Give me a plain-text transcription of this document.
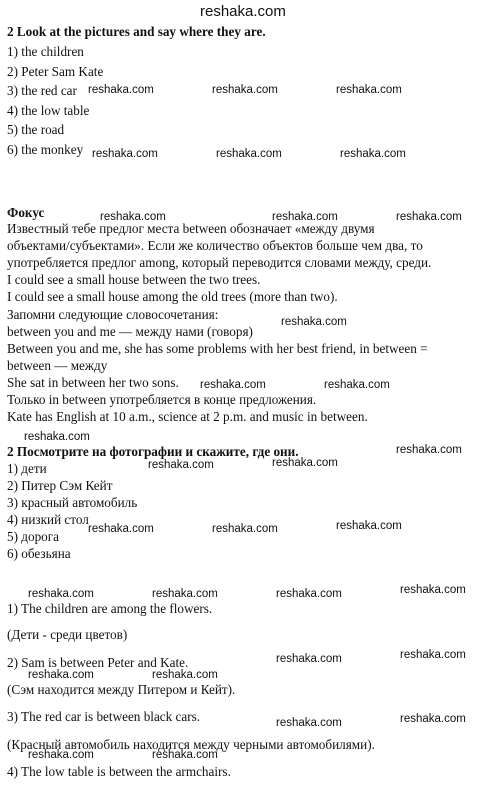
2 Look at the pictures and say where they are.
1) the children
2) Peter Sam Kate
3) the red car
4) the low table
5) the road
6) the monkey
Фокус
Известный тебе предлог места between обозначает «между двумя
объектами/субъектами». Если же количество объектов больше чем два, то
употребляется предлог among, который переводится словами между, среди.
I could see a small house between the two trees.
I could see a small house among the old trees (more than two).
Запомни следующие словосочетания:
between you and me — между нами (говоря)
Between you and me, she has some problems with her best friend, in between =
between — между
She sat in between her two sons.
Только in between употребляется в конце предложения.
Kate has English at 10 a.m., science at 2 p.m. and music in between.
2 Посмотрите на фотографии и скажите, где они.
1) дети
2) Питер Сэм Кейт
3) красный автомобиль
4) низкий стол
5) дорога
6) обезьяна
1) The children are among the flowers.
(Дети - среди цветов)
2) Sam is between Peter and Kate.
(Сэм находится между Питером и Кейт).
3) The red car is between black cars.
(Красный автомобиль находится между черными автомобилями).
4) The low table is between the armchairs.
reshaka.com
reshaka.com	reshaka.com	reshaka.com
reshaka.com	reshaka.com	reshaka.com
reshaka.com	reshaka.com	reshaka.com
reshaka.com
reshaka.com	reshaka.com
reshaka.com
reshaka.com
reshaka.com	reshaka.com
reshaka.com	reshaka.com	reshaka.com
reshaka.com	reshaka.com	reshaka.com	reshaka.com
reshaka.com	reshaka.com
reshaka.com	reshaka.com
reshaka.com	reshaka.com
reshaka.com	reshaka.com
